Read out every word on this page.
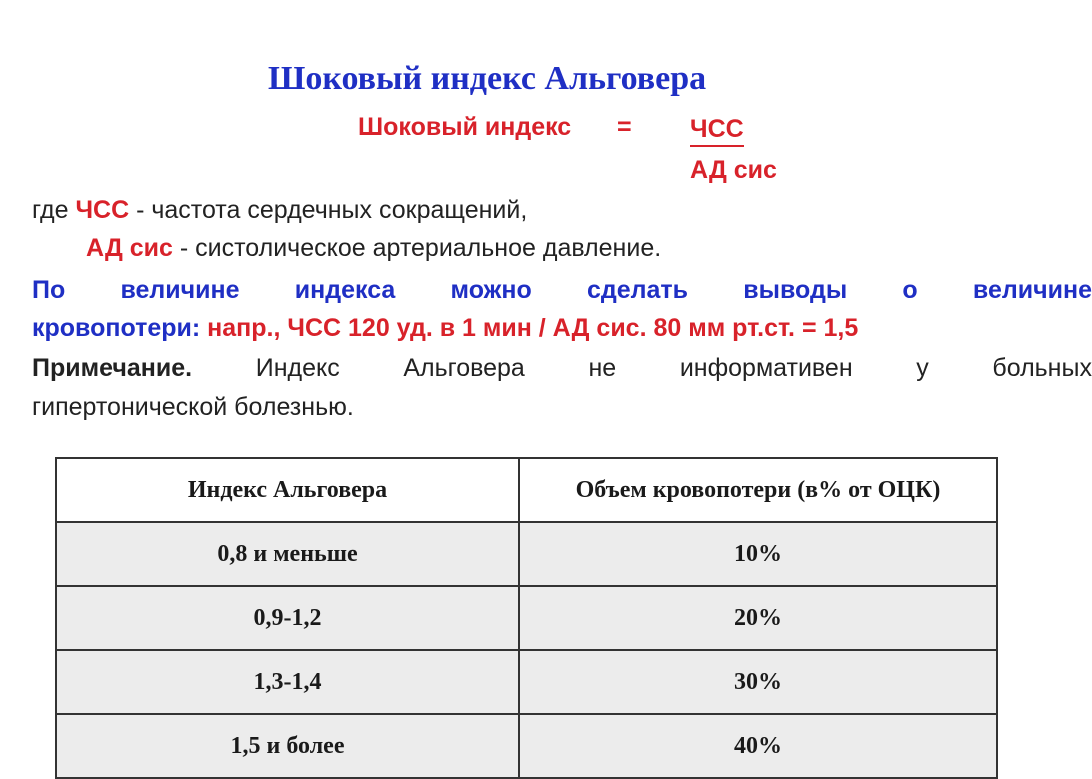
Шоковый индекс Альговера
Шоковый индекс = ЧСС
АД сис
где ЧСС - частота сердечных сокращений,
АД сис - систолическое артериальное давление.
По величине индекса можно сделать выводы о величине
кровопотери: напр., ЧСС 120 уд. в 1 мин / АД сис. 80 мм рт.ст. = 1,5
Примечание.	Индекс	Альговера	не	информативен	у	больных
гипертонической болезнью.
Индекс Альговера	Объем кровопотери (в% от ОЦК)
0,8 и меньше	10%
0,9-1,2	20%
1,3-1,4	30%
1,5 и более	40%
